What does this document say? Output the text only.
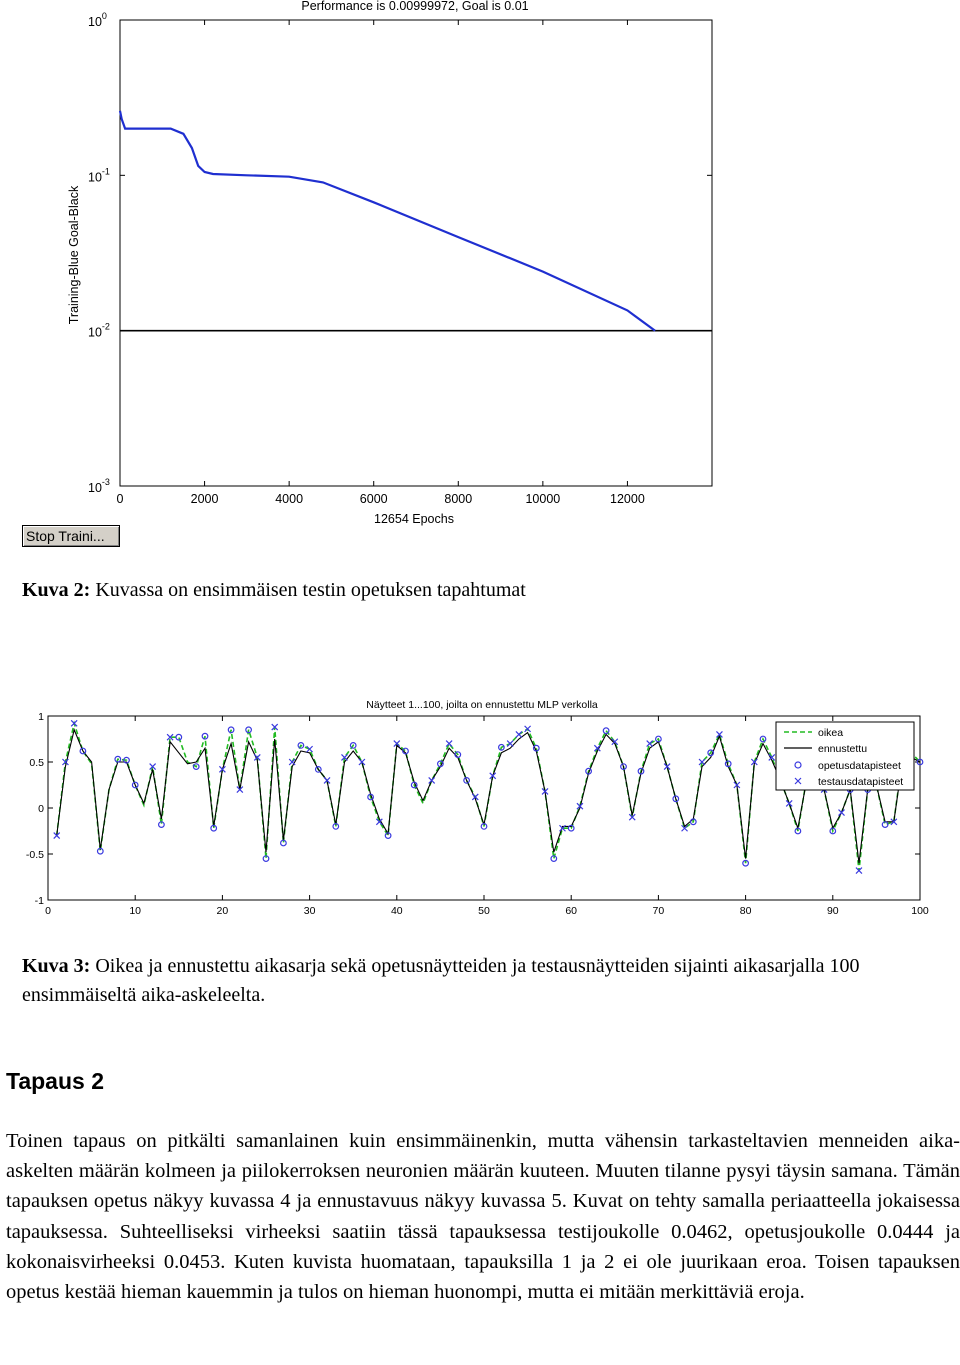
Performance is 0.00999972, Goal is 0.01
$10^0$
$10^{-1}$
$10^{-2}$
$10^{-3}$
0	2000	4000	6000	8000	10000	12000
Training-Blue Goal-Black
12654 Epochs
Stop Traini...
Kuva 2: Kuvassa on ensimmäisen testin opetuksen tapahtumat
Näytteet 1...100, joilta on ennustettu MLP verkolla
1
0.5
0
-0.5
-1
0	10	20	30	40	50	60	70	80	90	100
oikea
ennustettu
opetusdatapisteet
testausdatapisteet
Kuva 3: Oikea ja ennustettu aikasarja sekä opetusnäytteiden ja testausnäytteiden sijainti aikasarjalla 100 ensimmäiseltä aika-askeleelta.
Tapaus 2
Toinen tapaus on pitkälti samanlainen kuin ensimmäinenkin, mutta vähensin tarkasteltavien menneiden aika-askelten määrän kolmeen ja piilokerroksen neuronien määrän kuuteen. Muuten tilanne pysyi täysin samana. Tämän tapauksen opetus näkyy kuvassa 4 ja ennustavuus näkyy kuvassa 5. Kuvat on tehty samalla periaatteella jokaisessa tapauksessa. Suhteelliseksi virheeksi saatiin tässä tapauksessa testijoukolle 0.0462, opetusjoukolle 0.0444 ja kokonaisvirheeksi 0.0453. Kuten kuvista huomataan, tapauksilla 1 ja 2 ei ole juurikaan eroa. Toisen tapauksen opetus kestää hieman kauemmin ja tulos on hieman huonompi, mutta ei mitään merkittäviä eroja.
